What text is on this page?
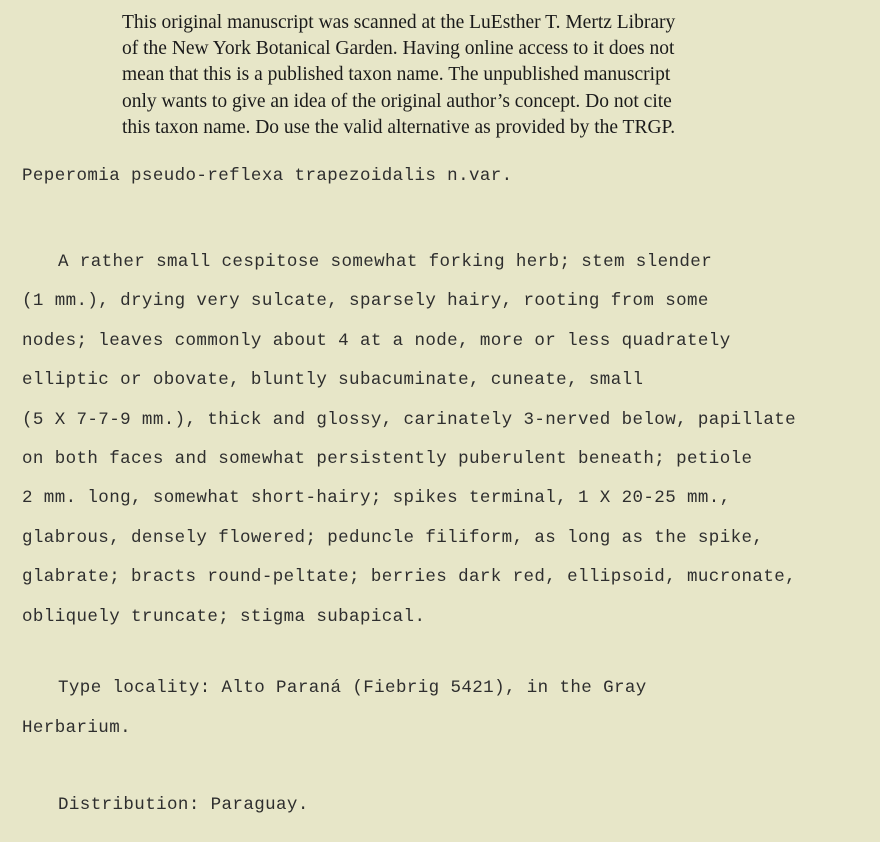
This original manuscript was scanned at the LuEsther T. Mertz Library
of the New York Botanical Garden. Having online access to it does not
mean that this is a published taxon name. The unpublished manuscript
only wants to give an idea of the original author’s concept. Do not cite
this taxon name. Do use the valid alternative as provided by the TRGP.
Peperomia pseudo-reflexa trapezoidalis n.var.
A rather small cespitose somewhat forking herb; stem slender
(1 mm.), drying very sulcate, sparsely hairy, rooting from some
nodes; leaves commonly about 4 at a node, more or less quadrately
elliptic or obovate, bluntly subacuminate, cuneate, small
(5 X 7-7-9 mm.), thick and glossy, carinately 3-nerved below, papillate
on both faces and somewhat persistently puberulent beneath; petiole
2 mm. long, somewhat short-hairy; spikes terminal, 1 X 20-25 mm.,
glabrous, densely flowered; peduncle filiform, as long as the spike,
glabrate; bracts round-peltate; berries dark red, ellipsoid, mucronate,
obliquely truncate; stigma subapical.
Type locality: Alto Paraná (Fiebrig 5421), in the Gray
Herbarium.
Distribution: Paraguay.
